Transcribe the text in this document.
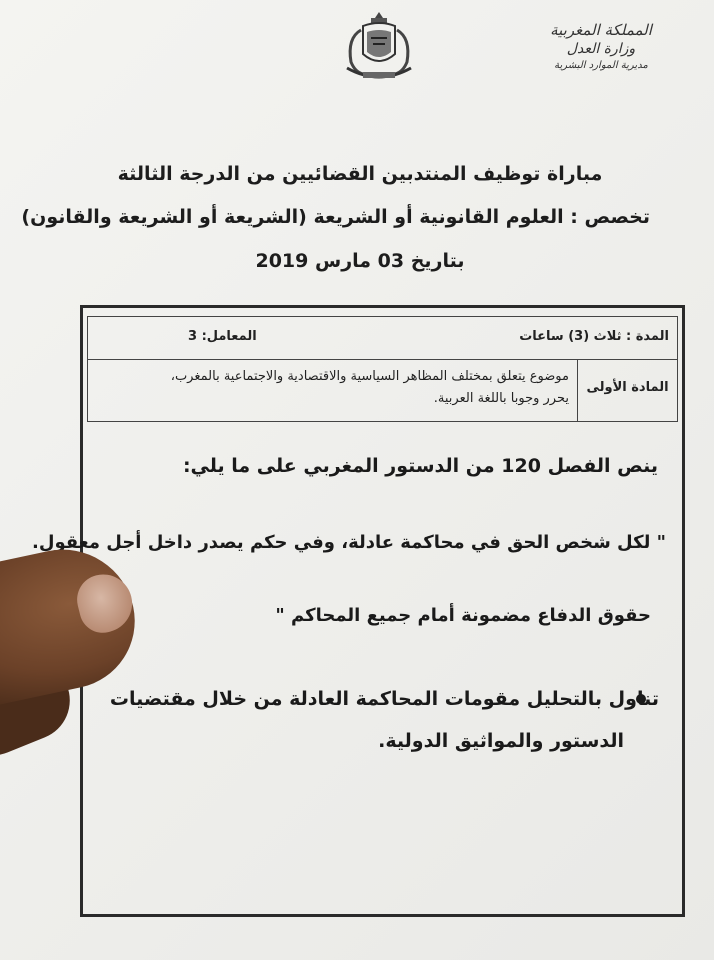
المملكة المغربية
وزارة العدل
مديرية الموارد البشرية
مباراة توظيف المنتدبين القضائيين من الدرجة الثالثة
تخصص : العلوم القانونية أو الشريعة (الشريعة أو الشريعة والقانون)
بتاريخ 03 مارس 2019
المدة : ثلاث (3) ساعات
المعامل: 3
المادة الأولى
موضوع يتعلق بمختلف المظاهر السياسية والاقتصادية والاجتماعية بالمغرب،
يحرر وجوبا باللغة العربية.
ينص الفصل 120 من الدستور المغربي على ما يلي:
" لكل شخص الحق في محاكمة عادلة، وفي حكم يصدر داخل أجل معقول.
حقوق الدفاع مضمونة أمام جميع المحاكم "
تناول بالتحليل مقومات المحاكمة العادلة من خلال مقتضيات
الدستور والمواثيق الدولية.
